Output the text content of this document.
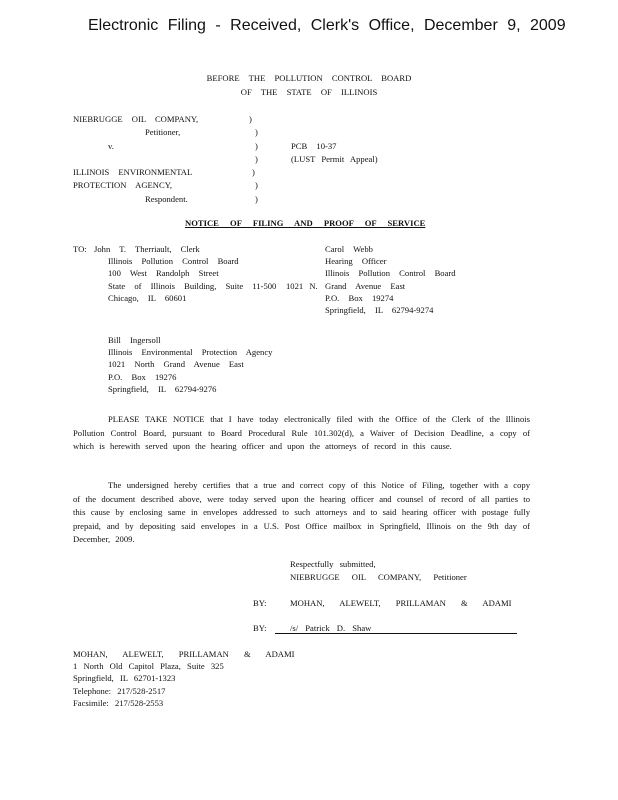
Electronic Filing - Received, Clerk's Office, December 9, 2009
BEFORE THE POLLUTION CONTROL BOARD
OF THE STATE OF ILLINOIS
NIEBRUGGE OIL COMPANY,
Petitioner,
v.
ILLINOIS ENVIRONMENTAL
PROTECTION AGENCY,
Respondent.
)
)
)
)
)
)
)
PCB 10-37
(LUST Permit Appeal)
NOTICE OF FILING AND PROOF OF SERVICE
TO: John T. Therriault, Clerk
Illinois Pollution Control Board
100 West Randolph Street
State of Illinois Building, Suite 11-500
Chicago, IL 60601
1021 N.
Carol Webb
Hearing Officer
Illinois Pollution Control Board
Grand Avenue East
P.O. Box 19274
Springfield, IL 62794-9274
Bill Ingersoll
Illinois Environmental Protection Agency
1021 North Grand Avenue East
P.O. Box 19276
Springfield, IL 62794-9276
PLEASE TAKE NOTICE that I have today electronically filed with the Office of the Clerk of the Illinois Pollution Control Board, pursuant to Board Procedural Rule 101.302(d), a Waiver of Decision Deadline, a copy of which is herewith served upon the hearing officer and upon the attorneys of record in this cause.
The undersigned hereby certifies that a true and correct copy of this Notice of Filing, together with a copy of the document described above, were today served upon the hearing officer and counsel of record of all parties to this cause by enclosing same in envelopes addressed to such attorneys and to said hearing officer with postage fully prepaid, and by depositing said envelopes in a U.S. Post Office mailbox in Springfield, Illinois on the 9th day of December, 2009.
Respectfully submitted,
NIEBRUGGE OIL COMPANY, Petitioner
BY:	MOHAN, ALEWELT, PRILLAMAN & ADAMI
BY:	/s/ Patrick D. Shaw
MOHAN, ALEWELT, PRILLAMAN & ADAMI
1 North Old Capitol Plaza, Suite 325
Springfield, IL 62701-1323
Telephone: 217/528-2517
Facsimile: 217/528-2553
